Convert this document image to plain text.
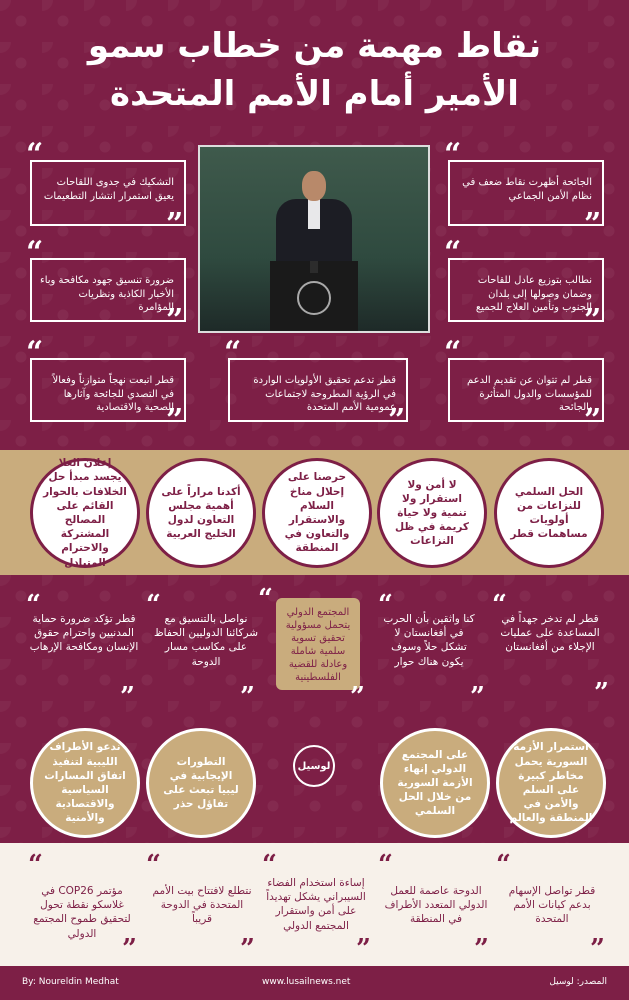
نقاط مهمة من خطاب سمو
الأمير أمام الأمم المتحدة
التشكيك في جدوى اللقاحات يعيق استمرار انتشار التطعيمات
“
”
الجائحة أظهرت نقاط ضعف في نظام الأمن الجماعي
“
”
ضرورة تنسيق جهود مكافحة وباء الأخبار الكاذبة ونظريات المؤامرة
“
”
نطالب بتوزيع عادل للقاحات وضمان وصولها إلى بلدان الجنوب وتأمين العلاج للجميع
“
”
قطر اتبعت نهجاً متوازناً وفعالاً في التصدي للجائحة وآثارها الصحية والاقتصادية
“
”
قطر تدعم تحقيق الأولويات الواردة في الرؤية المطروحة لاجتماعات عمومية الأمم المتحدة
“
”
قطر لم تتوان عن تقديم الدعم للمؤسسات والدول المتأثرة بالجائحة
“
”
الحل السلمي للنزاعات من أولويات مساهمات قطر
لا أمن ولا استقرار ولا تنمية ولا حياة كريمة في ظل النزاعات
حرصنا على إحلال مناخ السلام والاستقرار والتعاون في المنطقة
أكدنا مراراً على أهمية مجلس التعاون لدول الخليج العربية
إعلان العلا يجسد مبدأ حل الخلافات بالحوار القائم على المصالح المشتركة والاحترام المتبادل
“
قطر لم تدخر جهداً في المساعدة على عمليات الإجلاء من أفغانستان
”
“
كنا واثقين بأن الحرب في أفغانستان لا تشكل حلاً وسوف يكون هناك حوار
”
“	المجتمع الدولي يتحمل مسؤولية تحقيق تسوية سلمية شاملة وعادلة للقضية الفلسطينية
”
“ نواصل بالتنسيق مع شركائنا الدوليين الحفاظ على مكاسب مسار الدوحة
”
“
قطر تؤكد ضرورة حماية المدنيين واحترام حقوق الإنسان ومكافحة الإرهاب
”
استمرار الأزمة السورية يحمل مخاطر كبيرة على السلم والأمن في المنطقة والعالم
على المجتمع الدولي إنهاء الأزمة السورية من خلال الحل السلمي
لوسيل
التطورات الإيجابية في ليبيا تبعث على تفاؤل حذر
ندعو الأطراف الليبية لتنفيذ اتفاق المسارات السياسية والاقتصادية والأمنية
“
قطر تواصل الإسهام بدعم كيانات الأمم المتحدة
”
“
الدوحة عاصمة للعمل الدولي المتعدد الأطراف في المنطقة
”
“
إساءة استخدام الفضاء السيبراني يشكل تهديداً على أمن واستقرار المجتمع الدولي
”
“
نتطلع لافتتاح بيت الأمم المتحدة في الدوحة قريباً
”
“
مؤتمر COP26 في غلاسكو نقطة تحول لتحقيق طموح المجتمع الدولي
”
By: Noureldin Medhat	www.lusailnews.net	المصدر: لوسيل
